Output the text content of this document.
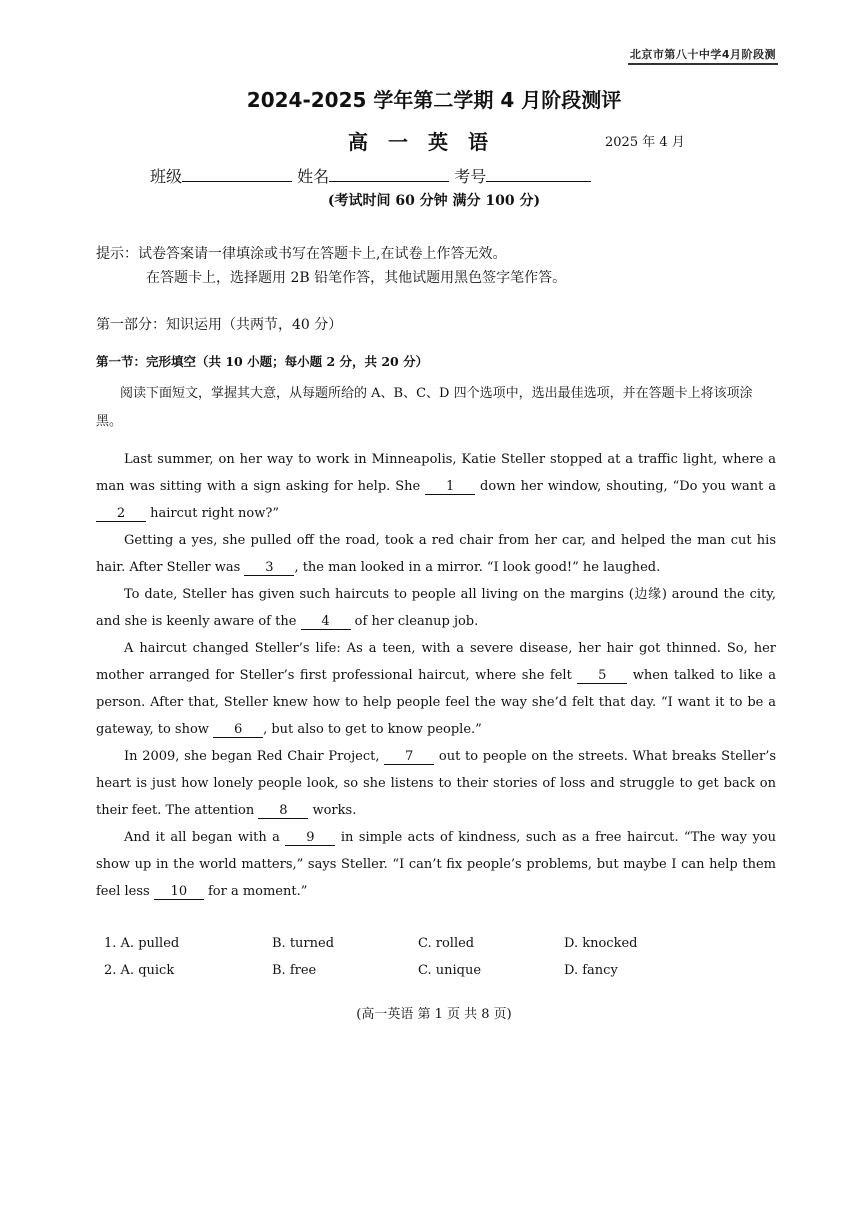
北京市第八十中学4月阶段测
2024-2025 学年第二学期 4 月阶段测评
高一英语	2025 年 4 月
班级	姓名	考号
(考试时间 60 分钟 满分 100 分)
提示：试卷答案请一律填涂或书写在答题卡上,在试卷上作答无效。
在答题卡上，选择题用 2B 铅笔作答，其他试题用黑色签字笔作答。
第一部分：知识运用（共两节，40 分）
第一节：完形填空（共 10 小题；每小题 2 分，共 20 分）
阅读下面短文，掌握其大意，从每题所给的 A、B、C、D 四个选项中，选出最佳选项，并在答题卡上将该项涂黑。

Last summer, on her way to work in Minneapolis, Katie Steller stopped at a traffic light, where a man was sitting with a sign asking for help. She 1 down her window, shouting, “Do you want a 2 haircut right now?”

Getting a yes, she pulled off the road, took a red chair from her car, and helped the man cut his hair. After Steller was 3 , the man looked in a mirror. “I look good!” he laughed.

To date, Steller has given such haircuts to people all living on the margins (边缘) around the city, and she is keenly aware of the 4 of her cleanup job.

A haircut changed Steller’s life: As a teen, with a severe disease, her hair got thinned. So, her mother arranged for Steller’s first professional haircut, where she felt 5 when talked to like a person. After that, Steller knew how to help people feel the way she’d felt that day. “I want it to be a gateway, to show 6 , but also to get to know people.”

In 2009, she began Red Chair Project, 7 out to people on the streets. What breaks Steller’s heart is just how lonely people look, so she listens to their stories of loss and struggle to get back on their feet. The attention 8 works.

And it all began with a 9 in simple acts of kindness, such as a free haircut. “The way you show up in the world matters,” says Steller. “I can’t fix people’s problems, but maybe I can help them feel less 10 for a moment.”

1. A. pulled	B. turned	C. rolled	D. knocked
2. A. quick	B. free	C. unique	D. fancy
(高一英语 第 1 页 共 8 页)
